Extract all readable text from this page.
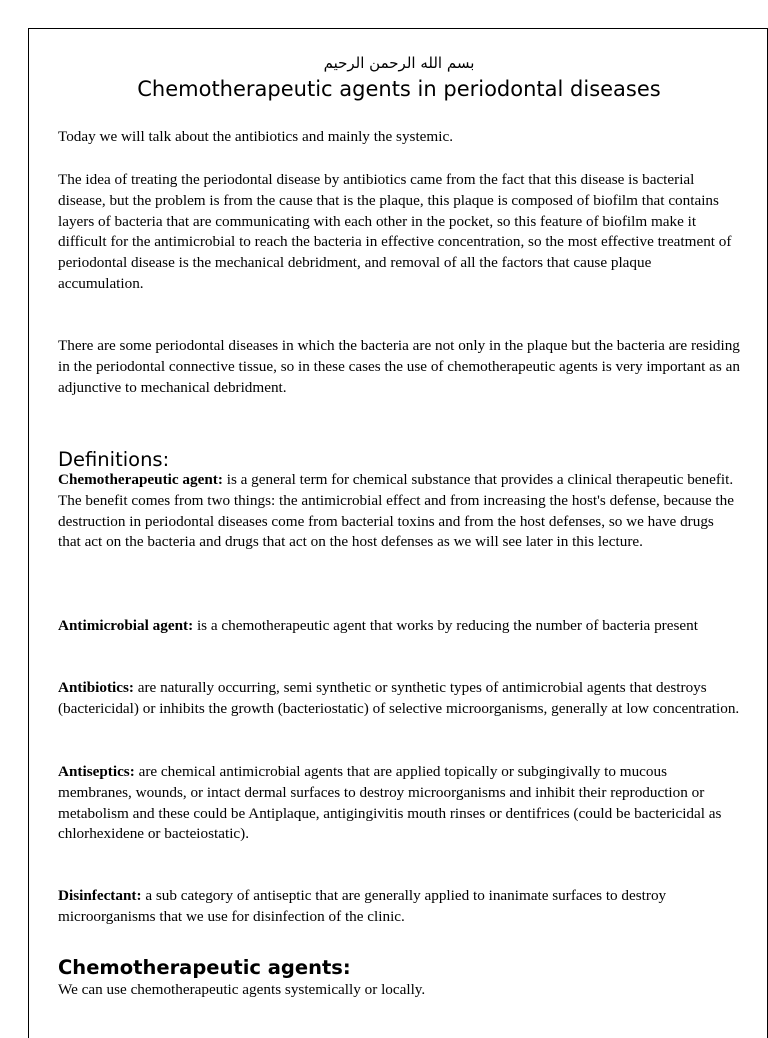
بسم الله الرحمن الرحيم
Chemotherapeutic agents in periodontal diseases

Today we will talk about the antibiotics and mainly the systemic.

The idea of treating the periodontal disease by antibiotics came from the fact that this disease is bacterial disease, but the problem is from the cause that is the plaque, this plaque is composed of biofilm that contains layers of bacteria that are communicating with each other in the pocket, so this feature of biofilm make it difficult for the antimicrobial to reach the bacteria in effective concentration, so the most effective treatment of periodontal disease is the mechanical debridment, and removal of all the factors that cause plaque accumulation.

There are some periodontal diseases in which the bacteria are not only in the plaque but the bacteria are residing in the periodontal connective tissue, so in these cases the use of chemotherapeutic agents is very important as an adjunctive to mechanical debridment.

Definitions:

Chemotherapeutic agent: is a general term for chemical substance that provides a clinical therapeutic benefit.
The benefit comes from two things: the antimicrobial effect and from increasing the host's defense, because the destruction in periodontal diseases come from bacterial toxins and from the host defenses, so we have drugs that act on the bacteria and drugs that act on the host defenses as we will see later in this lecture.

Antimicrobial agent: is a chemotherapeutic agent that works by reducing the number of bacteria present

Antibiotics: are naturally occurring, semi synthetic or synthetic types of antimicrobial agents that destroys (bactericidal) or inhibits the growth (bacteriostatic) of selective microorganisms, generally at low concentration.

Antiseptics: are chemical antimicrobial agents that are applied topically or subgingivally to mucous membranes, wounds, or intact dermal surfaces to destroy microorganisms and inhibit their reproduction or metabolism and these could be Antiplaque, antigingivitis mouth rinses or dentifrices (could be bactericidal as chlorhexidene or bacteiostatic).

Disinfectant: a sub category of antiseptic that are generally applied to inanimate surfaces to destroy microorganisms that we use for disinfection of the clinic.

Chemotherapeutic agents:

We can use chemotherapeutic agents systemically or locally.
